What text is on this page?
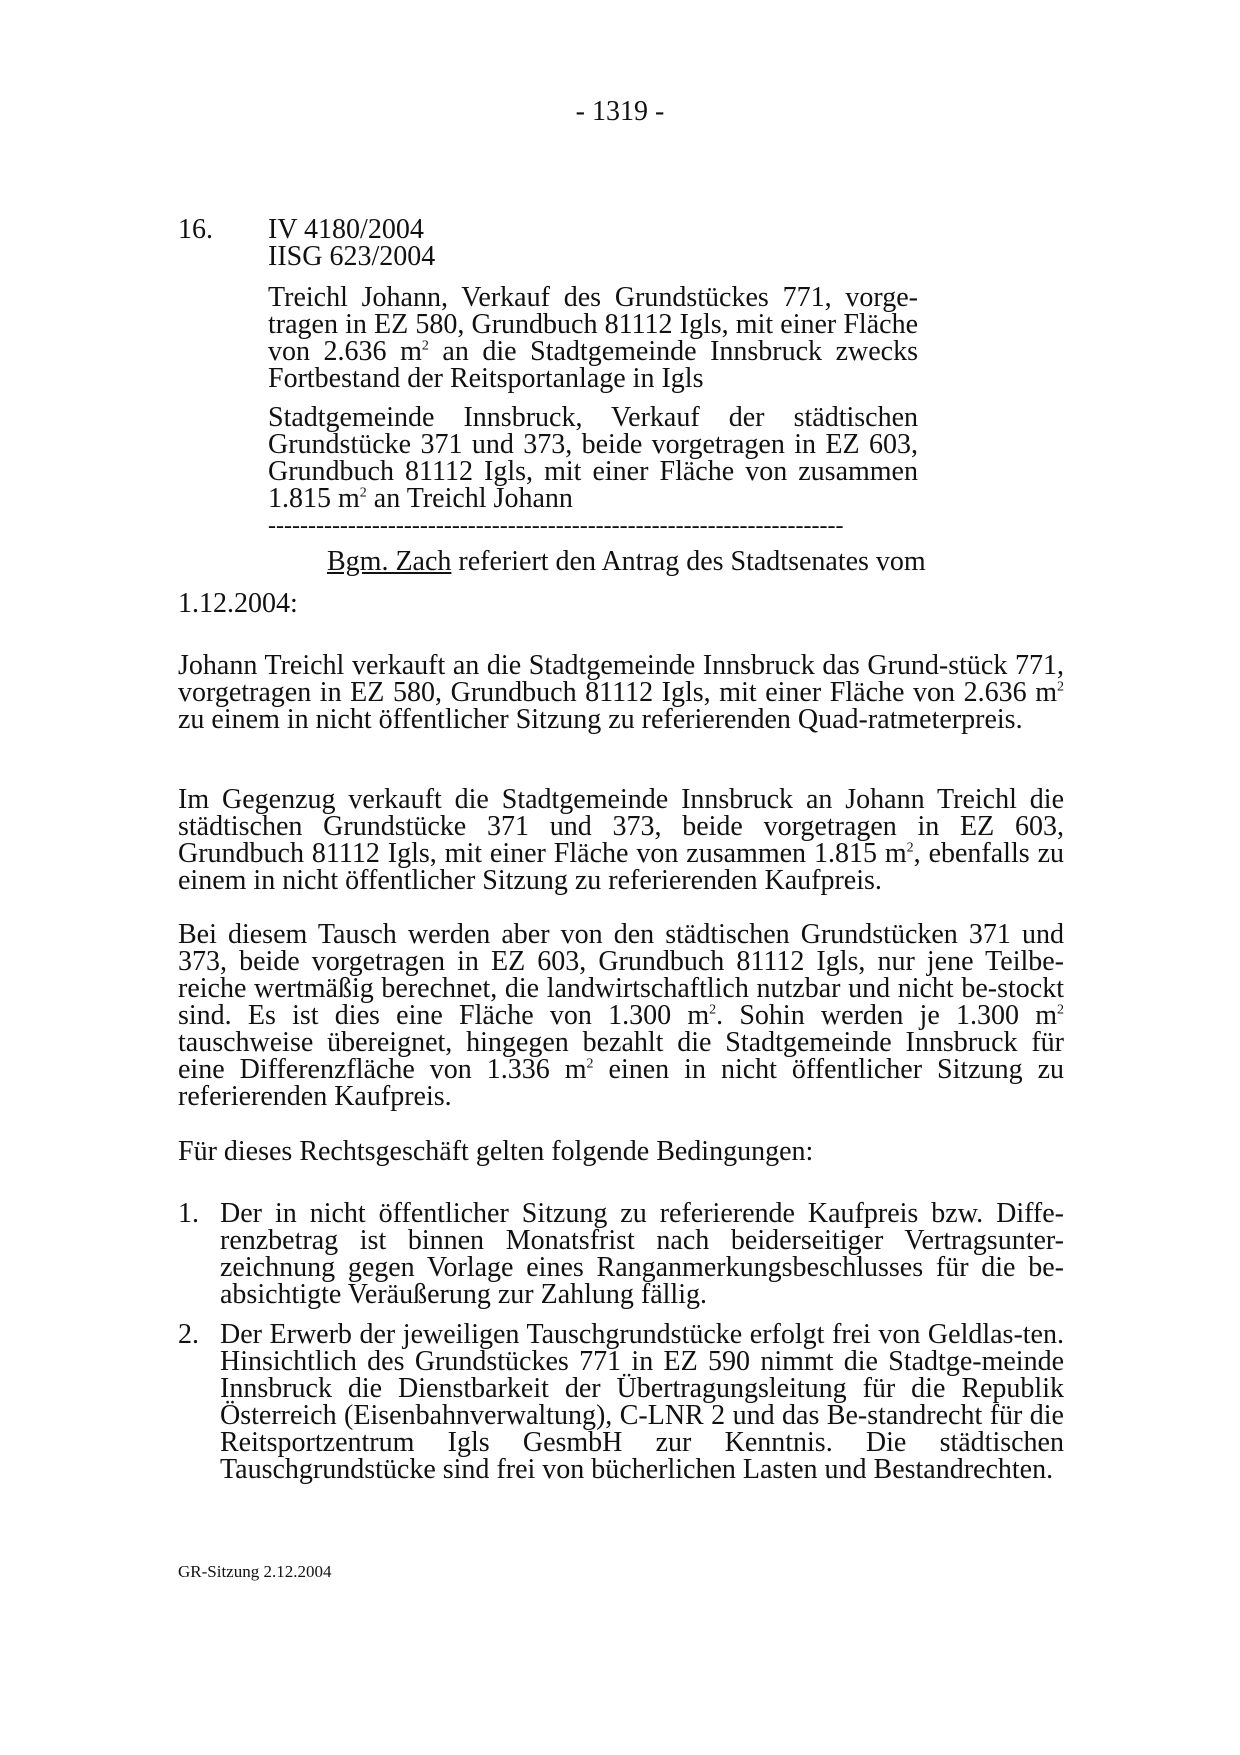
- 1319 -
16. IV 4180/2004
IISG 623/2004
Treichl Johann, Verkauf des Grundstückes 771, vorge-tragen in EZ 580, Grundbuch 81112 Igls, mit einer Fläche von 2.636 $m^2$ an die Stadtgemeinde Innsbruck zwecks Fortbestand der Reitsportanlage in Igls
Stadtgemeinde Innsbruck, Verkauf der städtischen Grundstücke 371 und 373, beide vorgetragen in EZ 603, Grundbuch 81112 Igls, mit einer Fläche von zusammen 1.815 $m^2$ an Treichl Johann
------------------------------------------------------------------------
Bgm. Zach referiert den Antrag des Stadtsenates vom
1.12.2004:

Johann Treichl verkauft an die Stadtgemeinde Innsbruck das Grund-stück 771, vorgetragen in EZ 580, Grundbuch 81112 Igls, mit einer Fläche von 2.636 $m^2$ zu einem in nicht öffentlicher Sitzung zu referierenden Quad-ratmeterpreis.

Im Gegenzug verkauft die Stadtgemeinde Innsbruck an Johann Treichl die städtischen Grundstücke 371 und 373, beide vorgetragen in EZ 603, Grundbuch 81112 Igls, mit einer Fläche von zusammen 1.815 $m^2$, ebenfalls zu einem in nicht öffentlicher Sitzung zu referierenden Kaufpreis.

Bei diesem Tausch werden aber von den städtischen Grundstücken 371 und 373, beide vorgetragen in EZ 603, Grundbuch 81112 Igls, nur jene Teilbe-reiche wertmäßig berechnet, die landwirtschaftlich nutzbar und nicht be-stockt sind. Es ist dies eine Fläche von 1.300 $m^2$. Sohin werden je 1.300 $m^2$ tauschweise übereignet, hingegen bezahlt die Stadtgemeinde Innsbruck für eine Differenzfläche von 1.336 $m^2$ einen in nicht öffentlicher Sitzung zu referierenden Kaufpreis.

Für dieses Rechtsgeschäft gelten folgende Bedingungen:

1. Der in nicht öffentlicher Sitzung zu referierende Kaufpreis bzw. Diffe-renzbetrag ist binnen Monatsfrist nach beiderseitiger Vertragsunter-zeichnung gegen Vorlage eines Ranganmerkungsbeschlusses für die be-absichtigte Veräußerung zur Zahlung fällig.
2. Der Erwerb der jeweiligen Tauschgrundstücke erfolgt frei von Geldlas-ten. Hinsichtlich des Grundstückes 771 in EZ 590 nimmt die Stadtge-meinde Innsbruck die Dienstbarkeit der Übertragungsleitung für die Republik Österreich (Eisenbahnverwaltung), C-LNR 2 und das Be-standrecht für die Reitsportzentrum Igls GesmbH zur Kenntnis. Die städtischen Tauschgrundstücke sind frei von bücherlichen Lasten und Bestandrechten.
GR-Sitzung 2.12.2004
